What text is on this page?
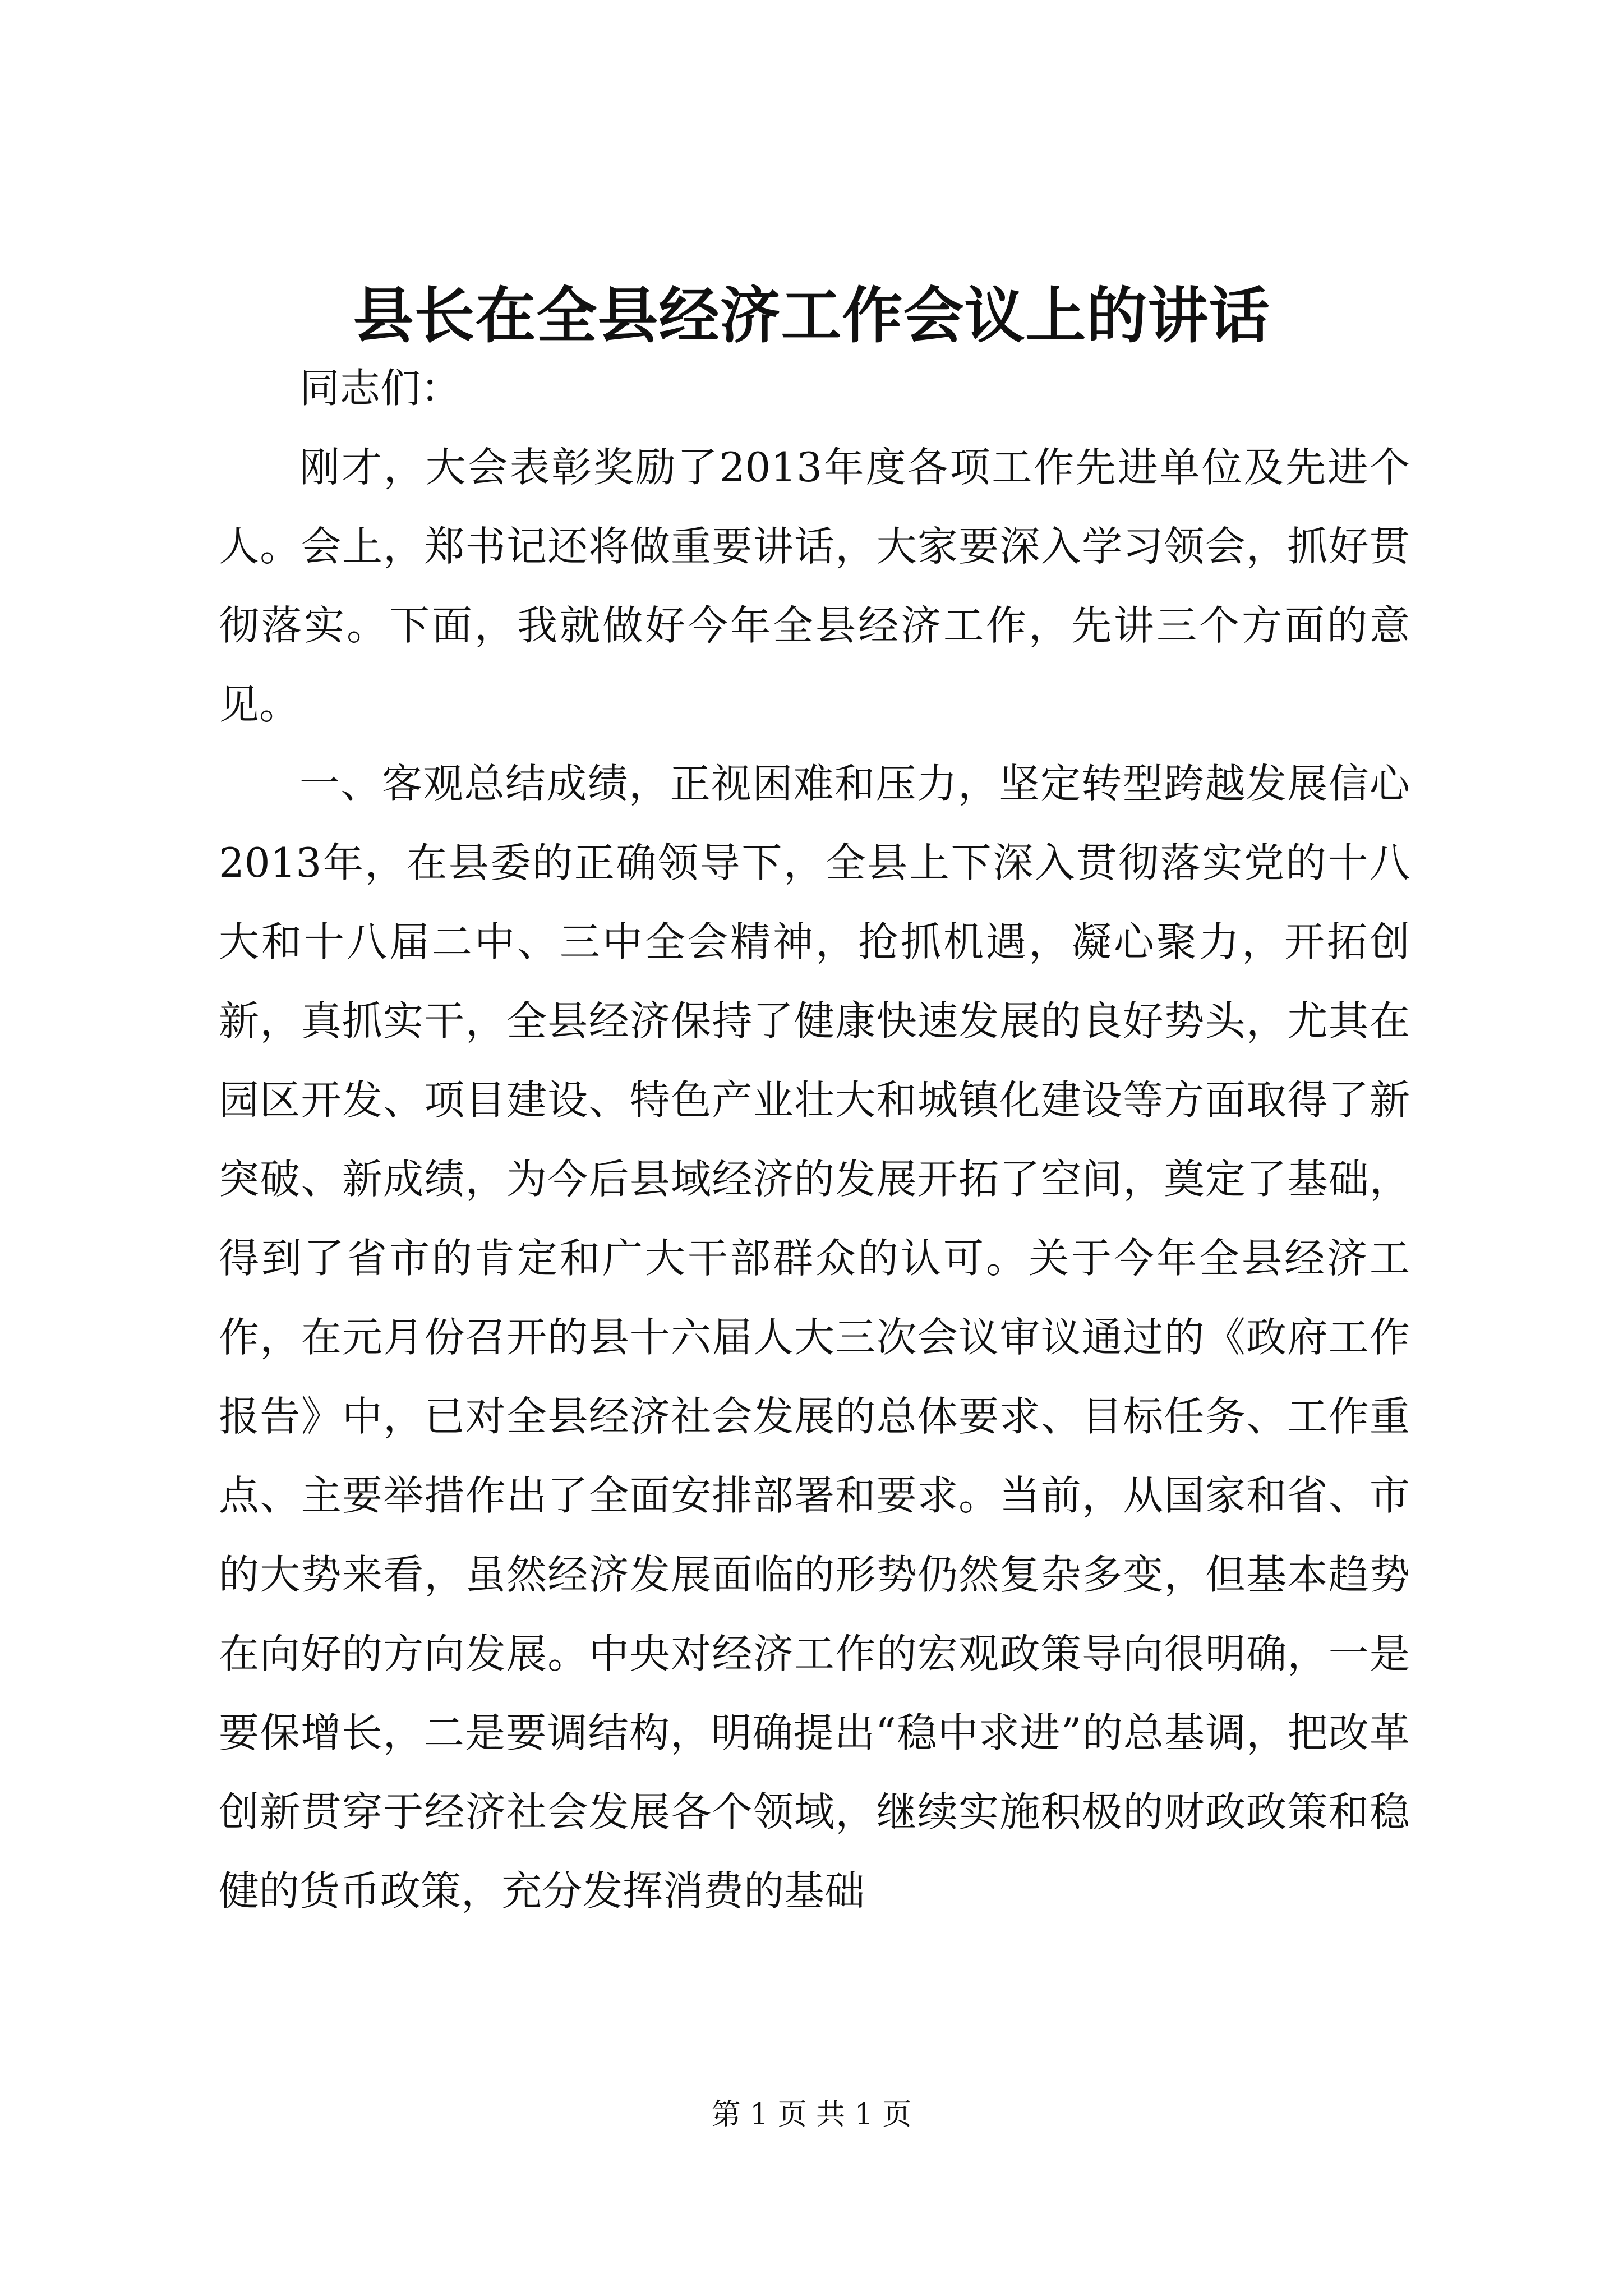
县长在全县经济工作会议上的讲话

同志们：

刚才，大会表彰奖励了2013年度各项工作先进单位及先进个人。会上，郑书记还将做重要讲话，大家要深入学习领会，抓好贯彻落实。下面，我就做好今年全县经济工作，先讲三个方面的意见。

一、客观总结成绩，正视困难和压力，坚定转型跨越发展信心2013年，在县委的正确领导下，全县上下深入贯彻落实党的十八大和十八届二中、三中全会精神，抢抓机遇，凝心聚力，开拓创新，真抓实干，全县经济保持了健康快速发展的良好势头，尤其在园区开发、项目建设、特色产业壮大和城镇化建设等方面取得了新突破、新成绩，为今后县域经济的发展开拓了空间，奠定了基础，得到了省市的肯定和广大干部群众的认可。关于今年全县经济工作，在元月份召开的县十六届人大三次会议审议通过的《政府工作报告》中，已对全县经济社会发展的总体要求、目标任务、工作重点、主要举措作出了全面安排部署和要求。当前，从国家和省、市的大势来看，虽然经济发展面临的形势仍然复杂多变，但基本趋势在向好的方向发展。中央对经济工作的宏观政策导向很明确，一是要保增长，二是要调结构，明确提出“稳中求进”的总基调，把改革创新贯穿于经济社会发展各个领域，继续实施积极的财政政策和稳健的货币政策，充分发挥消费的基础

第 1 页 共 1 页
